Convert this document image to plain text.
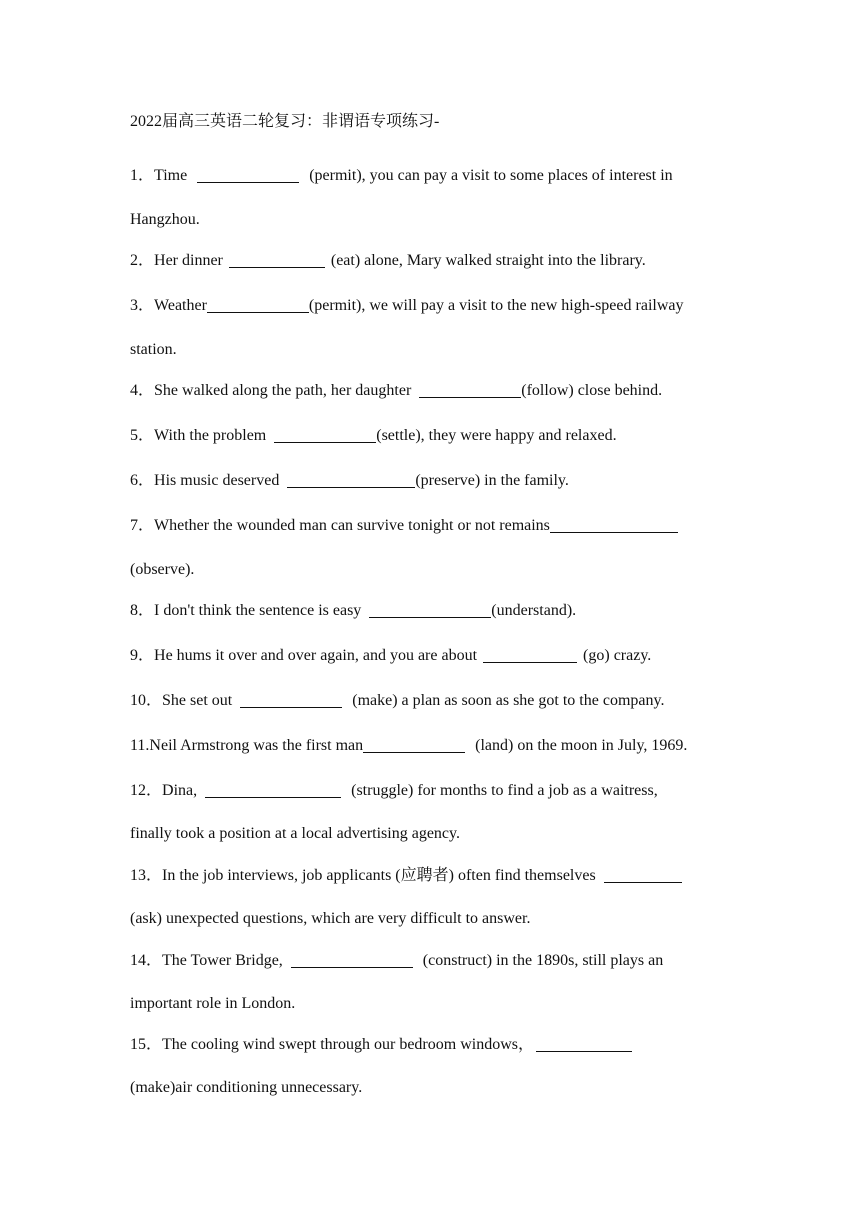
2022届高三英语二轮复习：非谓语专项练习-
1．Time	(permit), you can pay a visit to some places of interest in
Hangzhou.
2．Her dinner	(eat) alone, Mary walked straight into the library.
3．Weather	(permit), we will pay a visit to the new high-speed railway
station.
4．She walked along the path, her daughter	(follow) close behind.
5．With the problem	(settle), they were happy and relaxed.
6．His music deserved	(preserve) in the family.
7．Whether the wounded man can survive tonight or not remains
(observe).
8．I don't think the sentence is easy	(understand).
9．He hums it over and over again, and you are about	(go) crazy.
10．She set out	(make) a plan as soon as she got to the company.
11.Neil Armstrong was the first man	(land) on the moon in July, 1969.
12．Dina,	(struggle) for months to find a job as a waitress,
finally took a position at a local advertising agency.
13．In the job interviews, job applicants (应聘者) often find themselves
(ask) unexpected questions, which are very difficult to answer.
14．The Tower Bridge,	(construct) in the 1890s, still plays an
important role in London.
15．The cooling wind swept through our bedroom windows，
(make)air conditioning unnecessary.
